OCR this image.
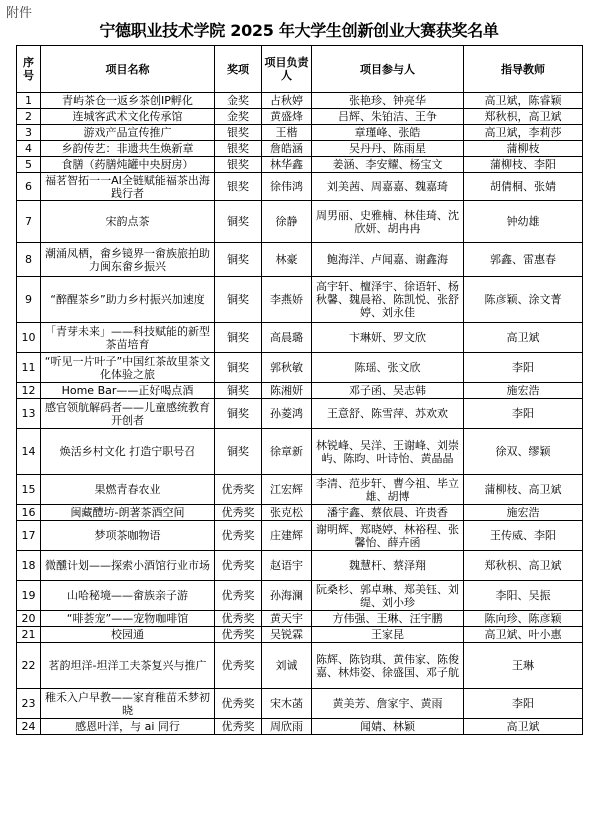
附件
宁德职业技术学院 2025 年大学生创新创业大赛获奖名单
序号	项目名称	奖项	项目负责人	项目参与人	指导教师
1	青屿茶仓一返乡茶创IP孵化	金奖	占秋婷	张艳珍、钟亮华	高卫斌，陈睿颖
2	连城客武术文化传承馆	金奖	黄盛烽	吕辉、朱铂洁、王争	郑秋枳，高卫斌
3	游戏产品宣传推广	银奖	王楷	章瑾峰、张皓	高卫斌，李莉莎
4	乡韵传艺：非遗共生焕新章	银奖	詹皓涵	吴丹丹、陈雨星	蒲柳枝
5	食膳（药膳炖罐中央厨房）	银奖	林华鑫	姜涵、李安耀、杨宝文	蒲柳枝、李阳
6	福茗智拓一一AI全链赋能福茶出海践行者	银奖	徐伟鸿	刘美茜、周嘉嘉、魏嘉琦	胡倩桐、张婧
7	宋韵点茶	铜奖	徐静	周男丽、史雅楠、林佳琦、沈欣妍、胡冉冉	钟幼雄
8	潮涌凤栖，畲乡镜界一畲族旅拍助力闽东畲乡振兴	铜奖	林豪	鲍海洋、卢闻嘉、谢鑫海	郭鑫、雷惠春
9	“醉醒茶乡”助力乡村振兴加速度	铜奖	李燕娇	高宇轩、檀泽宇、徐语轩、杨秋馨、魏晨裕、陈凯悦、张舒婷、刘永佳	陈彦颖、涂文菁
10	「青芽未来」——科技赋能的新型茶苗培育	铜奖	高晨璐	卞琳妍、罗文欣	高卫斌
11	“听见一片叶子”中国红茶故里茶文化体验之旅	铜奖	郭秋敏	陈瑶、张文欣	李阳
12	Home Bar——正好喝点酒	铜奖	陈湘妍	邓子函、吴志韩	施宏浩
13	感官领航解码者——儿童感统教育开创者	铜奖	孙菱鸿	王意舒、陈雪萍、苏欢欢	李阳
14	焕活乡村文化 打造宁职号召	铜奖	徐章新	林锐峰、吴洋、王谢峰、刘崇屿、陈昀、叶诗怡、黄晶晶	徐双、缪颖
15	果燃青春农业	优秀奖	江宏辉	李清、范步轩、曹今祖、毕立雄、胡博	蒲柳枝、高卫斌
16	闽藏醴坊-朗著茶酒空间	优秀奖	张克松	潘宇鑫、蔡依晨、许贵香	施宏浩
17	梦项茶咖物语	优秀奖	庄建辉	谢明辉、郑晓婷、林裕程、张馨怡、薛卉函	王传威、李阳
18	微醺计划——探索小酒馆行业市场	优秀奖	赵语宇	魏慧杆、蔡泽翔	郑秋枳、高卫斌
19	山哈秘境——畲族亲子游	优秀奖	孙海澜	阮桑杉、郭卓琳、郑美钰、刘缇、刘小珍	李阳、吴振
20	“啡荟宠”——宠物咖啡馆	优秀奖	黄天宇	方伟强、王琳、汪宇鹏	陈向珍、陈彦颖
21	校园通	优秀奖	吴锐霖	王家昆	高卫斌、叶小惠
22	茗韵坦洋-坦洋工夫茶复兴与推广	优秀奖	刘诚	陈辉、陈钧琪、黄伟家、陈俊嘉、林炜姿、徐盛国、邓子航	王琳
23	稚禾入户早教——家育稚苗禾梦初晓	优秀奖	宋木菡	黄美芳、詹家宇、黄雨	李阳
24	感恩叶洋，与 ai 同行	优秀奖	周欣雨	闻婧、林颖	高卫斌
